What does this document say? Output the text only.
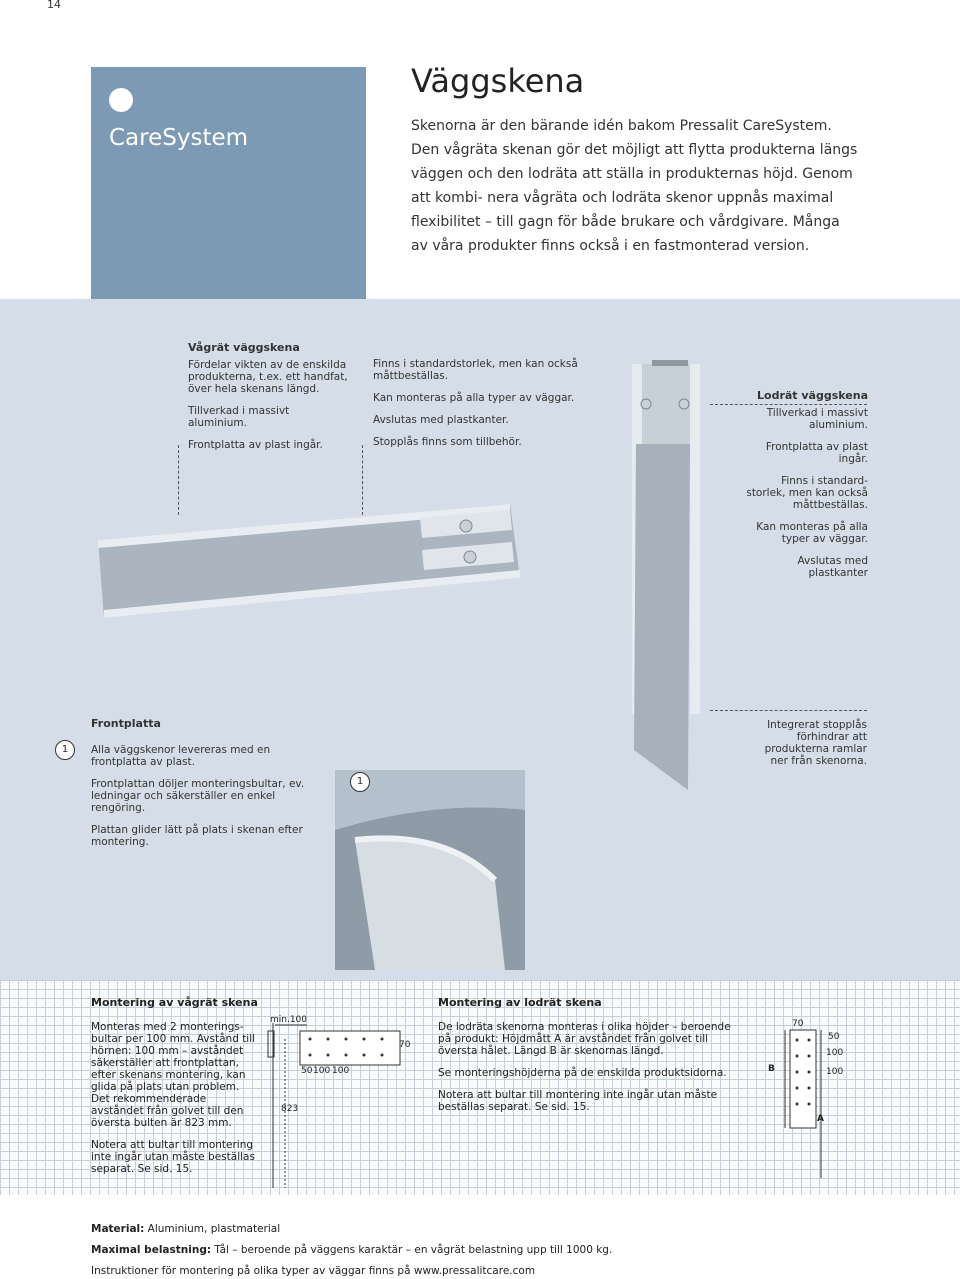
14
CareSystem
Väggskena
Skenorna är den bärande idén bakom Pressalit CareSystem. Den vågräta skenan gör det möjligt att flytta produkterna längs väggen och den lodräta att ställa in produkternas höjd. Genom att kombi- nera vågräta och lodräta skenor uppnås maximal flexibilitet – till gagn för både brukare och vårdgivare. Många av våra produkter finns också i en fastmonterad version.
Vågrät väggskena

Fördelar vikten av de enskilda produkterna, t.ex. ett handfat, över hela skenans längd.

Tillverkad i massivt aluminium.

Frontplatta av plast ingår.

Finns i standardstorlek, men kan också måttbeställas.

Kan monteras på alla typer av väggar.

Avslutas med plastkanter.

Stopplås finns som tillbehör.

Lodrät väggskena

Tillverkad i massivt aluminium.

Frontplatta av plast ingår.

Finns i standard- storlek, men kan också måttbeställas.

Kan monteras på alla typer av väggar.

Avslutas med plastkanter

Integrerat stopplås förhindrar att produkterna ramlar ner från skenorna.
1
1
Frontplatta

Alla väggskenor levereras med en frontplatta av plast.

Frontplattan döljer monteringsbultar, ev. ledningar och säkerställer en enkel rengöring.

Plattan glider lätt på plats i skenan efter montering.

Montering av vågrät skena

Monteras med 2 monterings- bultar per 100 mm. Avstånd till hörnen: 100 mm – avståndet säkerställer att frontplattan, efter skenans montering, kan glida på plats utan problem. Det rekommenderade avståndet från golvet till den översta bulten är 823 mm.

Notera att bultar till montering inte ingår utan måste beställas separat. Se sid. 15.

min.100
70
50 100 100
823
Montering av lodrät skena

De lodräta skenorna monteras i olika höjder – beroende på produkt: Höjdmått A är avståndet från golvet till översta hålet. Längd B är skenornas längd.

Se monteringshöjderna på de enskilda produktsidorna.

Notera att bultar till montering inte ingår utan måste beställas separat. Se sid. 15.

70
50
100
100
B
A
Material: Aluminium, plastmaterial
Maximal belastning: Tål – beroende på väggens karaktär – en vågrät belastning upp till 1000 kg.
Instruktioner för montering på olika typer av väggar finns på www.pressalitcare.com
